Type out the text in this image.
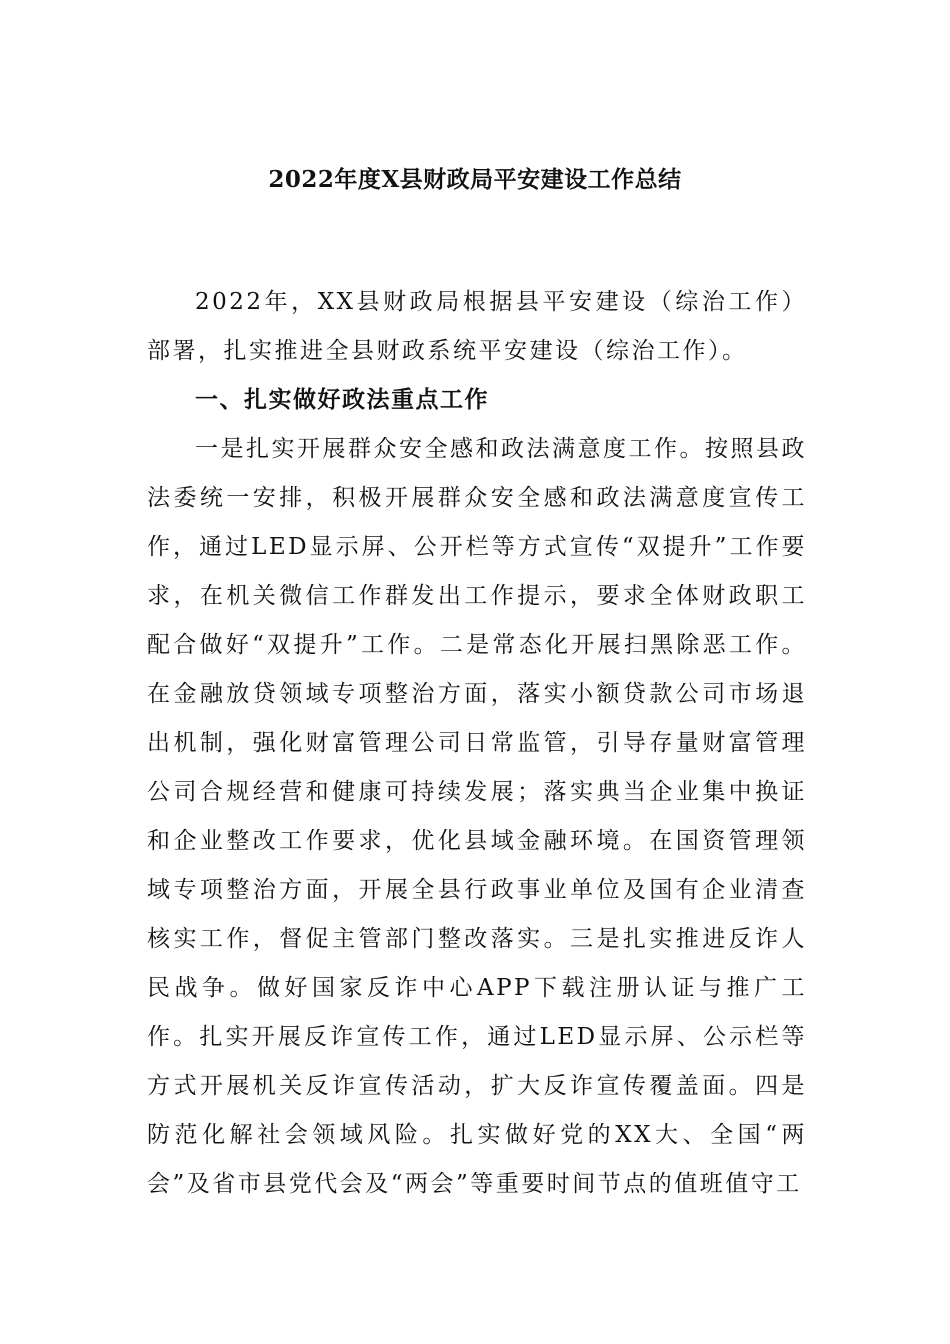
2022年度X县财政局平安建设工作总结

2022年，XX县财政局根据县平安建设（综治工作）部署，扎实推进全县财政系统平安建设（综治工作）。

一、扎实做好政法重点工作

一是扎实开展群众安全感和政法满意度工作。按照县政法委统一安排，积极开展群众安全感和政法满意度宣传工作，通过LED显示屏、公开栏等方式宣传“双提升”工作要求，在机关微信工作群发出工作提示，要求全体财政职工配合做好“双提升”工作。二是常态化开展扫黑除恶工作。在金融放贷领域专项整治方面，落实小额贷款公司市场退出机制，强化财富管理公司日常监管，引导存量财富管理公司合规经营和健康可持续发展；落实典当企业集中换证和企业整改工作要求，优化县域金融环境。在国资管理领域专项整治方面，开展全县行政事业单位及国有企业清查核实工作，督促主管部门整改落实。三是扎实推进反诈人民战争。做好国家反诈中心APP下载注册认证与推广工作。扎实开展反诈宣传工作，通过LED显示屏、公示栏等方式开展机关反诈宣传活动，扩大反诈宣传覆盖面。四是防范化解社会领域风险。扎实做好党的XX大、全国“两会”及省市县党代会及“两会”等重要时间节点的值班值守工
